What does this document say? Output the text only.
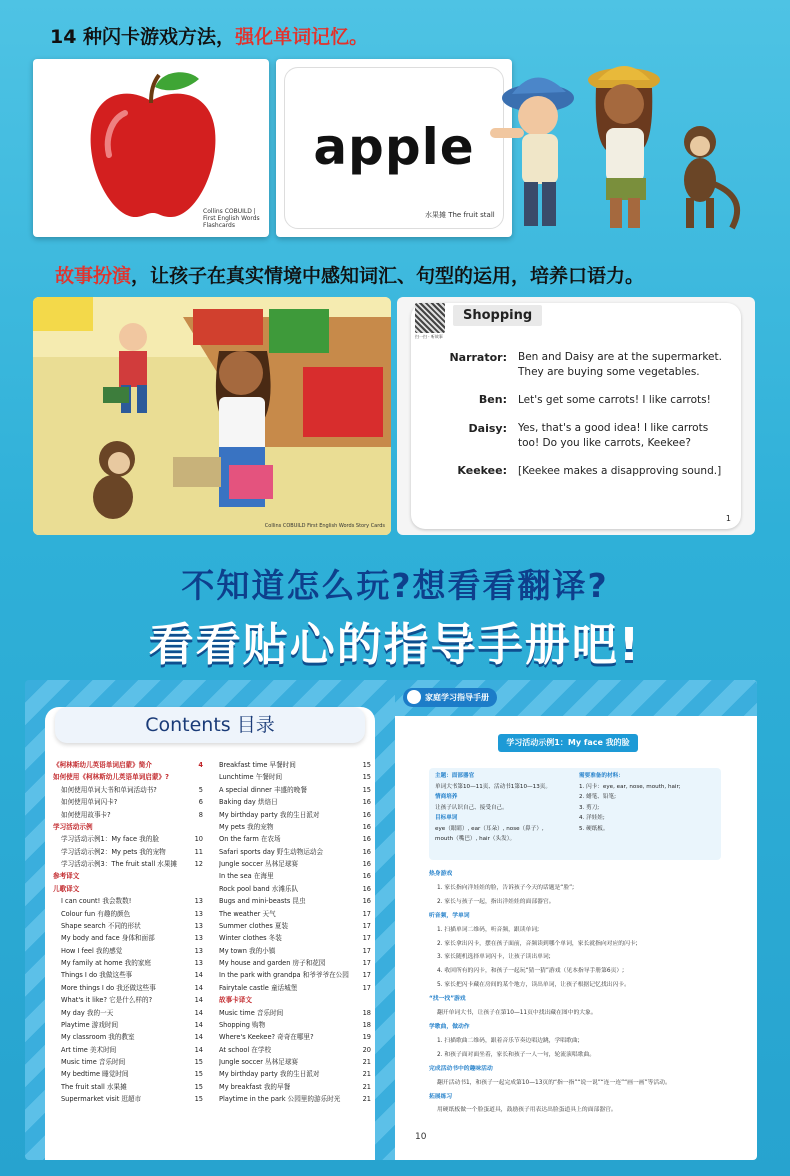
14 种闪卡游戏方法，强化单词记忆。
Collins COBUILD | First English Words Flashcards
apple
水果摊 The fruit stall
故事扮演，让孩子在真实情境中感知词汇、句型的运用，培养口语力。
Collins COBUILD First English Words Story Cards
扫一扫 · 听故事
Shopping
Narrator: Ben and Daisy are at the supermarket.
They are buying some vegetables.
Ben: Let's get some carrots! I like carrots!
Daisy: Yes, that's a good idea! I like carrots
too! Do you like carrots, Keekee?
Keekee: [Keekee makes a disapproving sound.]
1
不知道怎么玩?想看看翻译?
看看贴心的指导手册吧!
Contents 目录
《柯林斯幼儿英语单词启蒙》简介	4
如何使用《柯林斯幼儿英语单词启蒙》?
如何使用单词大书和单词活动书?	5
如何使用单词闪卡?	6
如何使用故事卡?	8
学习活动示例
学习活动示例1：My face 我的脸	10
学习活动示例2：My pets 我的宠物	11
学习活动示例3：The fruit stall 水果摊	12
参考译文
儿歌译文
I can count! 我会数数!	13
Colour fun 有趣的颜色	13
Shape search 不同的形状	13
My body and face 身体和面部	13
How I feel 我的感觉	13
My family at home 我的家庭	13
Things I do 我做这些事	14
More things I do 我还做这些事	14
What's it like? 它是什么样的?	14
My day 我的一天	14
Playtime 游戏时间	14
My classroom 我的教室	14
Art time 美术时间	14
Music time 音乐时间	15
My bedtime 睡觉时间	15
The fruit stall 水果摊	15
Supermarket visit 逛超市	15
Breakfast time 早餐时间	15
Lunchtime 午餐时间	15
A special dinner 丰盛的晚餐	15
Baking day 烘焙日	16
My birthday party 我的生日派对	16
My pets 我的宠物	16
On the farm 在农场	16
Safari sports day 野生动物运动会	16
Jungle soccer 丛林足球赛	16
In the sea 在海里	16
Rock pool band 水滩乐队	16
Bugs and mini-beasts 昆虫	16
The weather 天气	17
Summer clothes 夏装	17
Winter clothes 冬装	17
My town 我的小镇	17
My house and garden 房子和花园	17
In the park with grandpa 和爷爷爷在公园	17
Fairytale castle 童话城堡	17
故事卡译文
Music time 音乐时间	18
Shopping 购物	18
Where's Keekee? 奇奇在哪里?	19
At school 在学校	20
Jungle soccer 丛林足球赛	21
My birthday party 我的生日派对	21
My breakfast 我的早餐	21
Playtime in the park 公园里的游乐时光	21
家庭学习指导手册
学习活动示例1：My face 我的脸
主题：面部器官
单词大书第10—11页、活动书1第10—13页。
情商培养
让孩子认识自己、接受自己。
目标单词
eye（眼睛）, ear（耳朵）, nose（鼻子）,
mouth（嘴巴）, hair（头发）。
需要准备的材料：
1. 闪卡：eye, ear, nose, mouth, hair;
2. 蜡笔、铅笔;
3. 剪刀;
4. 洋娃娃;
5. 硬纸板。
热身游戏
1. 家长指向洋娃娃的脸，告诉孩子今天的话题是“脸”;
2. 家长与孩子一起，指出洋娃娃的面部器官。
听音频，学单词
1. 扫描单词二维码，听音频，跟读单词;
2. 家长拿出闪卡，摆在孩子面前，音频读到哪个单词，家长就指向对应的闪卡;
3. 家长随机选择单词闪卡，让孩子读出单词;
4. 收回所有的闪卡，和孩子一起玩“猜一猜”游戏（见本指导手册第6页）;
5. 家长把闪卡藏在房间的某个地方，读出单词，让孩子根据记忆找出闪卡。
“找一找”游戏
翻开单词大书，让孩子在第10—11页中找出藏在图中的大象。
学歌曲，做动作
1. 扫描歌曲二维码，跟着音乐节奏边唱边跳，学唱歌曲;
2. 和孩子面对面坐着，家长和孩子一人一句，轮流演唱歌曲。
完成活动书中的趣味活动
翻开活动书1，和孩子一起完成第10—13页的“指一指”“说一说”“连一连”“画一画”等活动。
拓展练习
用硬纸板做一个脸蛋道具，鼓励孩子用表达出脸蛋道具上的面部器官。
10
